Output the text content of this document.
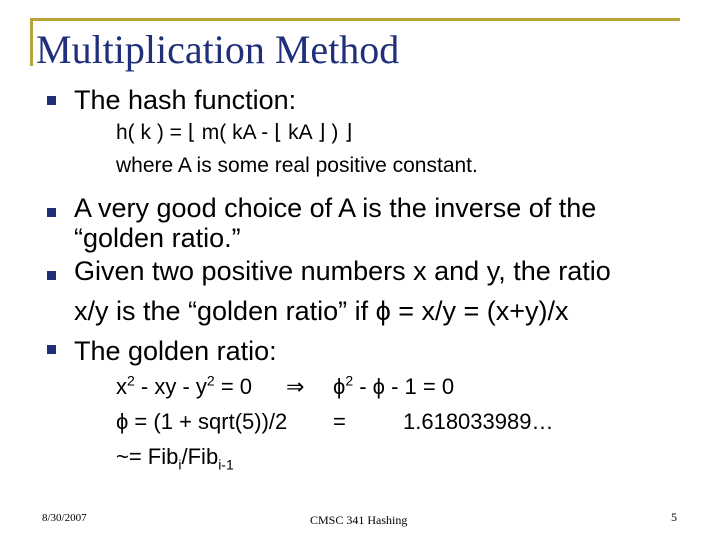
Multiplication Method
The hash function:
h( k ) = ⌊ m( kA - ⌊ kA ⌋ ) ⌋
where A is some real positive constant.
A very good choice of A is the inverse of the
“golden ratio.”
Given two positive numbers x and y, the ratio
x/y is the “golden ratio” if ϕ = x/y = (x+y)/x
The golden ratio:
$x^2$ - xy - $y^2 = 0$ ⇒ $\phi^2 - \phi - 1 = 0$
ϕ = (1 + sqrt(5))/2 =	1.618033989…
~= Fib$_i$/Fib$_{i-1}$
8/30/2007	CMSC 341 Hashing	5
